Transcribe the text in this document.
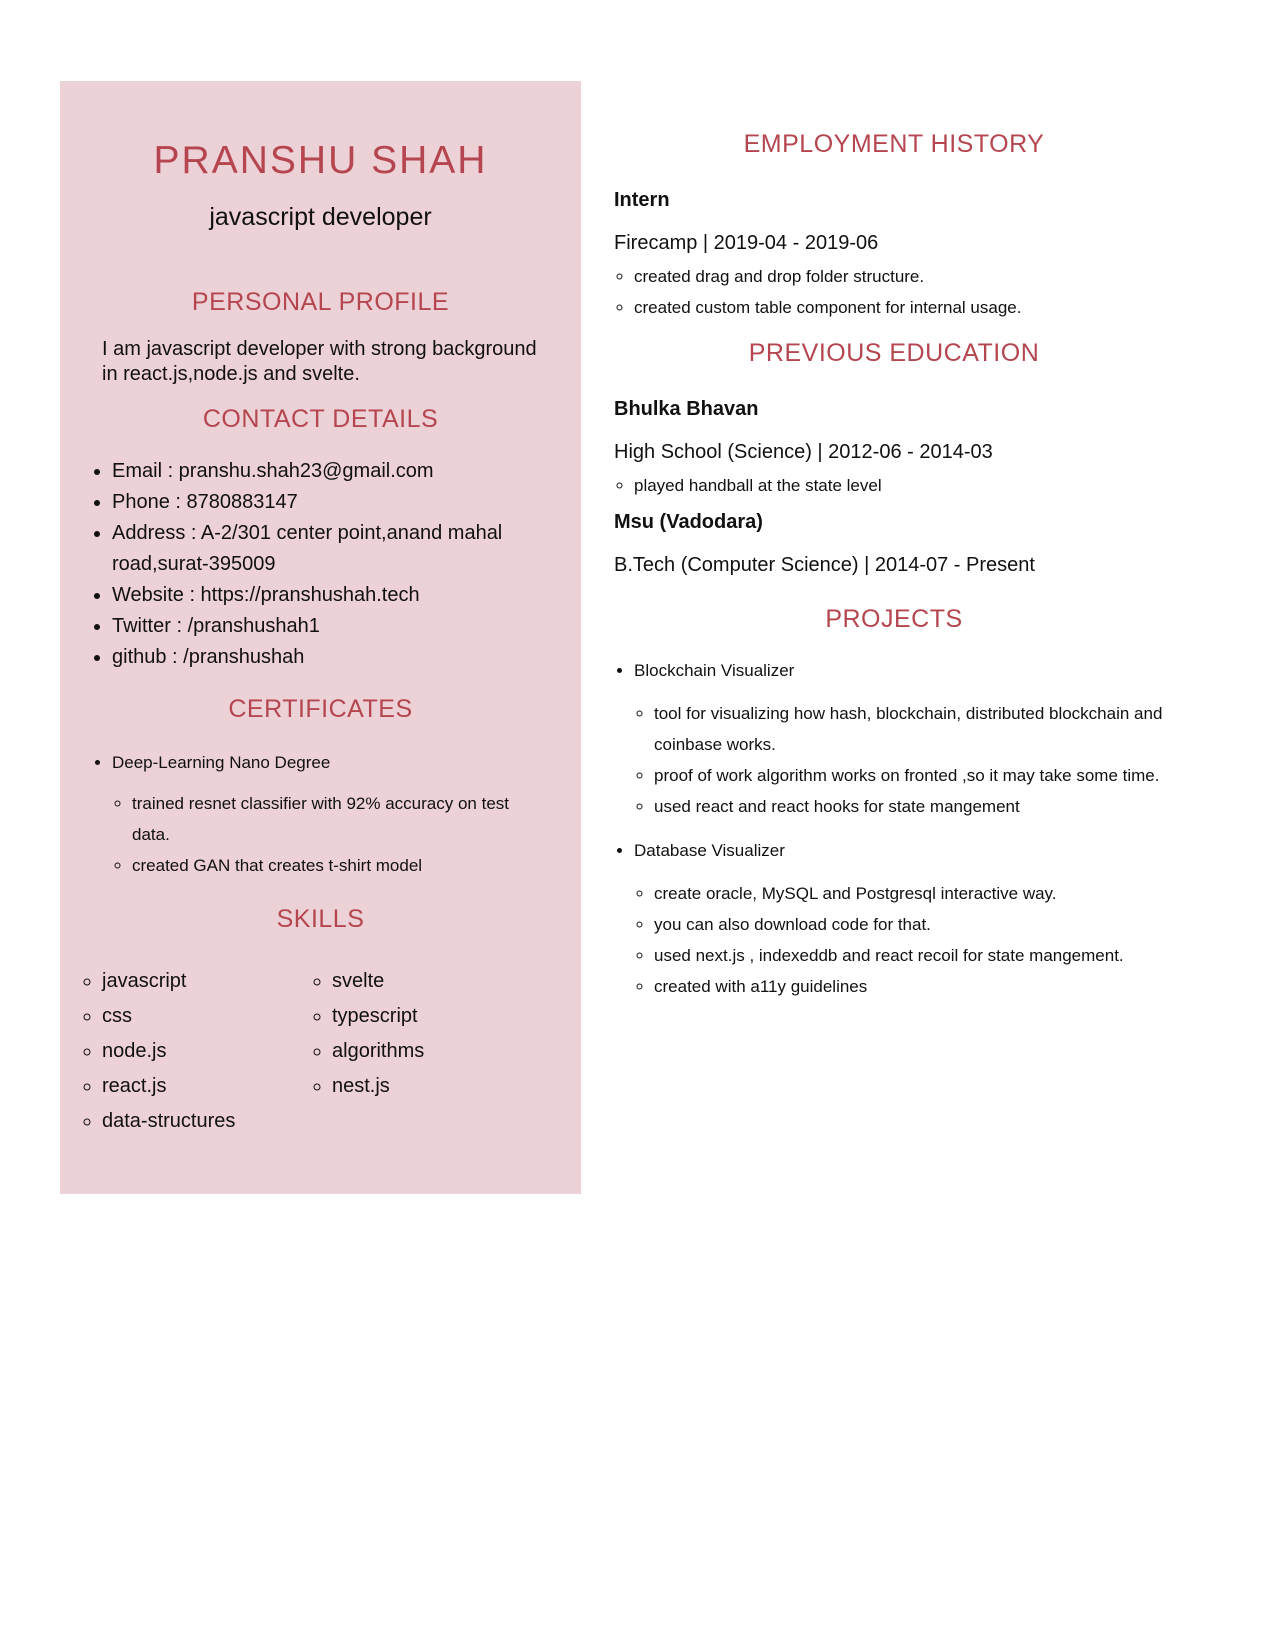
PRANSHU SHAH
javascript developer
PERSONAL PROFILE

I am javascript developer with strong background in react.js,node.js and svelte.

CONTACT DETAILS
• Email : pranshu.shah23@gmail.com
• Phone : 8780883147
• Address : A-2/301 center point,anand mahal road,surat-395009
• Website : https://pranshushah.tech
• Twitter : /pranshushah1
• github : /pranshushah
CERTIFICATES
• Deep-Learning Nano Degree
◦ trained resnet classifier with 92% accuracy on test data.
◦ created GAN that creates t-shirt model
SKILLS
◦ javascript
◦ css
◦ node.js
◦ react.js
◦ data-structures
◦ svelte
◦ typescript
◦ algorithms
◦ nest.js
EMPLOYMENT HISTORY

Intern

Firecamp | 2019-04 - 2019-06

◦ created drag and drop folder structure.
◦ created custom table component for internal usage.
PREVIOUS EDUCATION

Bhulka Bhavan

High School (Science) | 2012-06 - 2014-03

◦ played handball at the state level

Msu (Vadodara)

B.Tech (Computer Science) | 2014-07 - Present

PROJECTS
• Blockchain Visualizer
◦ tool for visualizing how hash, blockchain, distributed blockchain and coinbase works.
◦ proof of work algorithm works on fronted ,so it may take some time.
◦ used react and react hooks for state mangement
• Database Visualizer
◦ create oracle, MySQL and Postgresql interactive way.
◦ you can also download code for that.
◦ used next.js , indexeddb and react recoil for state mangement.
◦ created with a11y guidelines
